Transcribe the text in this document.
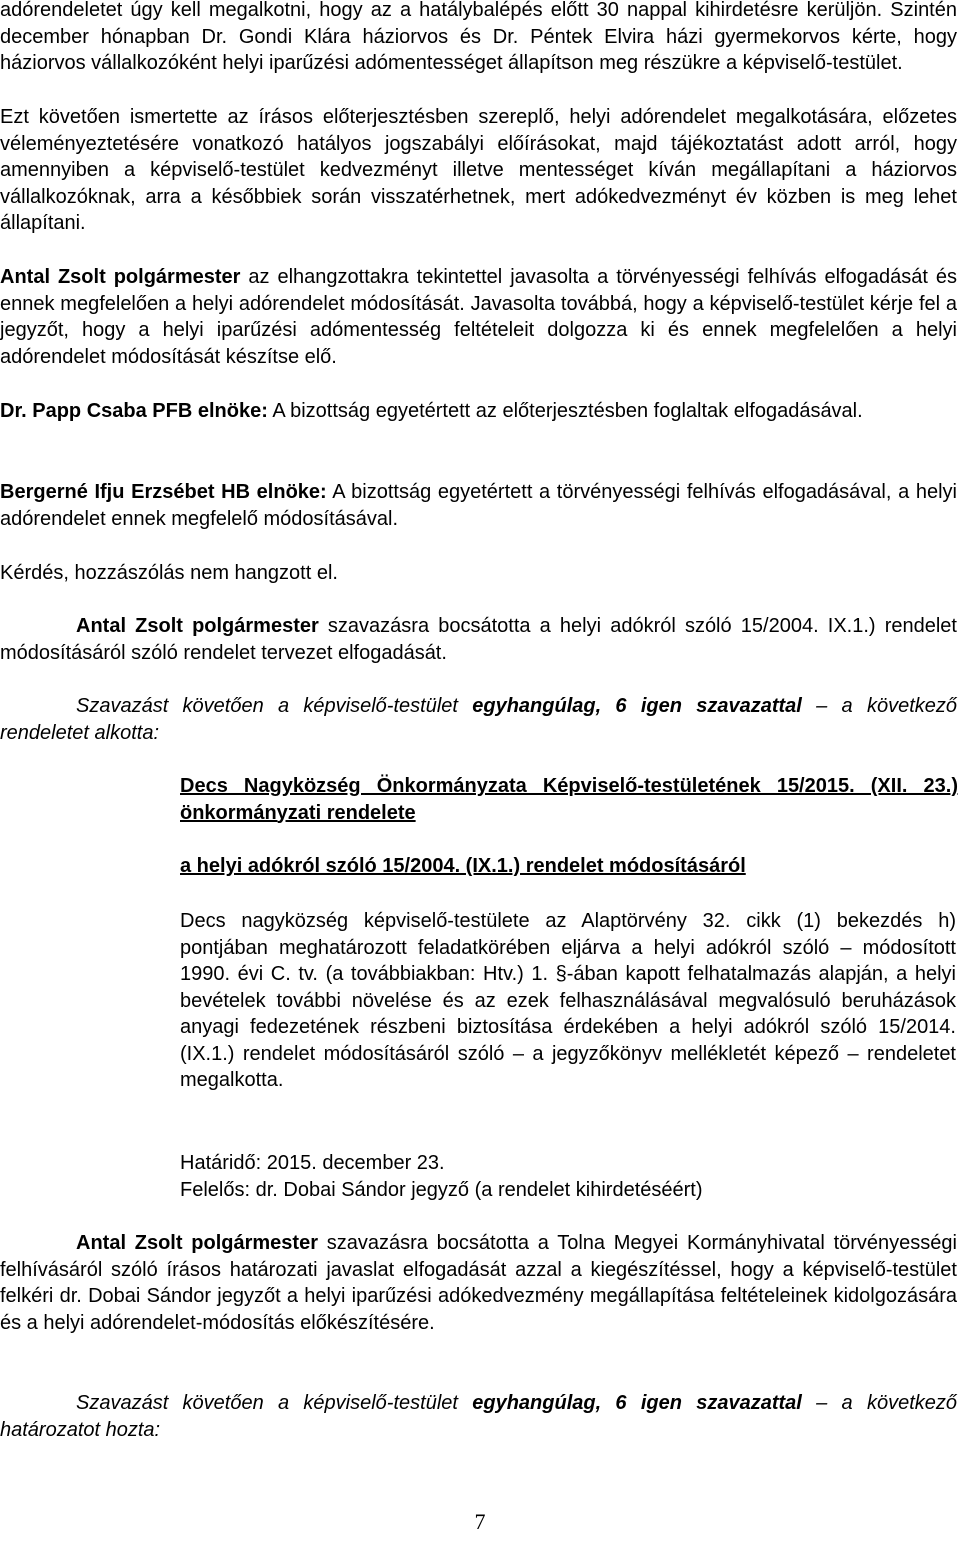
adórendeletet úgy kell megalkotni, hogy az a hatálybalépés előtt 30 nappal kihirdetésre kerüljön. Szintén december hónapban Dr. Gondi Klára háziorvos és Dr. Péntek Elvira házi gyermekorvos kérte, hogy háziorvos vállalkozóként helyi iparűzési adómentességet állapítson meg részükre a képviselő-testület.

Ezt követően ismertette az írásos előterjesztésben szereplő, helyi adórendelet megalkotására, előzetes véleményeztetésére vonatkozó hatályos jogszabályi előírásokat, majd tájékoztatást adott arról, hogy amennyiben a képviselő-testület kedvezményt illetve mentességet kíván megállapítani a háziorvos vállalkozóknak, arra a későbbiek során visszatérhetnek, mert adókedvezményt év közben is meg lehet állapítani.

Antal Zsolt polgármester az elhangzottakra tekintettel javasolta a törvényességi felhívás elfogadását és ennek megfelelően a helyi adórendelet módosítását. Javasolta továbbá, hogy a képviselő-testület kérje fel a jegyzőt, hogy a helyi iparűzési adómentesség feltételeit dolgozza ki és ennek megfelelően a helyi adórendelet módosítását készítse elő.

Dr. Papp Csaba PFB elnöke: A bizottság egyetértett az előterjesztésben foglaltak elfogadásával.

Bergerné Ifju Erzsébet HB elnöke: A bizottság egyetértett a törvényességi felhívás elfogadásával, a helyi adórendelet ennek megfelelő módosításával.

Kérdés, hozzászólás nem hangzott el.

Antal Zsolt polgármester szavazásra bocsátotta a helyi adókról szóló 15/2004. IX.1.) rendelet módosításáról szóló rendelet tervezet elfogadását.

Szavazást követően a képviselő-testület egyhangúlag, 6 igen szavazattal – a következő rendeletet alkotta:

Decs Nagyközség Önkormányzata Képviselő-testületének 15/2015. (XII. 23.) önkormányzati rendelete

a helyi adókról szóló 15/2004. (IX.1.) rendelet módosításáról

Decs nagyközség képviselő-testülete az Alaptörvény 32. cikk (1) bekezdés h) pontjában meghatározott feladatkörében eljárva a helyi adókról szóló – módosított 1990. évi C. tv. (a továbbiakban: Htv.) 1. §-ában kapott felhatalmazás alapján, a helyi bevételek további növelése és az ezek felhasználásával megvalósuló beruházások anyagi fedezetének részbeni biztosítása érdekében a helyi adókról szóló 15/2014. (IX.1.) rendelet módosításáról szóló – a jegyzőkönyv mellékletét képező – rendeletet megalkotta.

Határidő: 2015. december 23.

Felelős: dr. Dobai Sándor jegyző (a rendelet kihirdetéséért)

Antal Zsolt polgármester szavazásra bocsátotta a Tolna Megyei Kormányhivatal törvényességi felhívásáról szóló írásos határozati javaslat elfogadását azzal a kiegészítéssel, hogy a képviselő-testület felkéri dr. Dobai Sándor jegyzőt a helyi iparűzési adókedvezmény megállapítása feltételeinek kidolgozására és a helyi adórendelet-módosítás előkészítésére.

Szavazást követően a képviselő-testület egyhangúlag, 6 igen szavazattal – a következő határozatot hozta:

7
